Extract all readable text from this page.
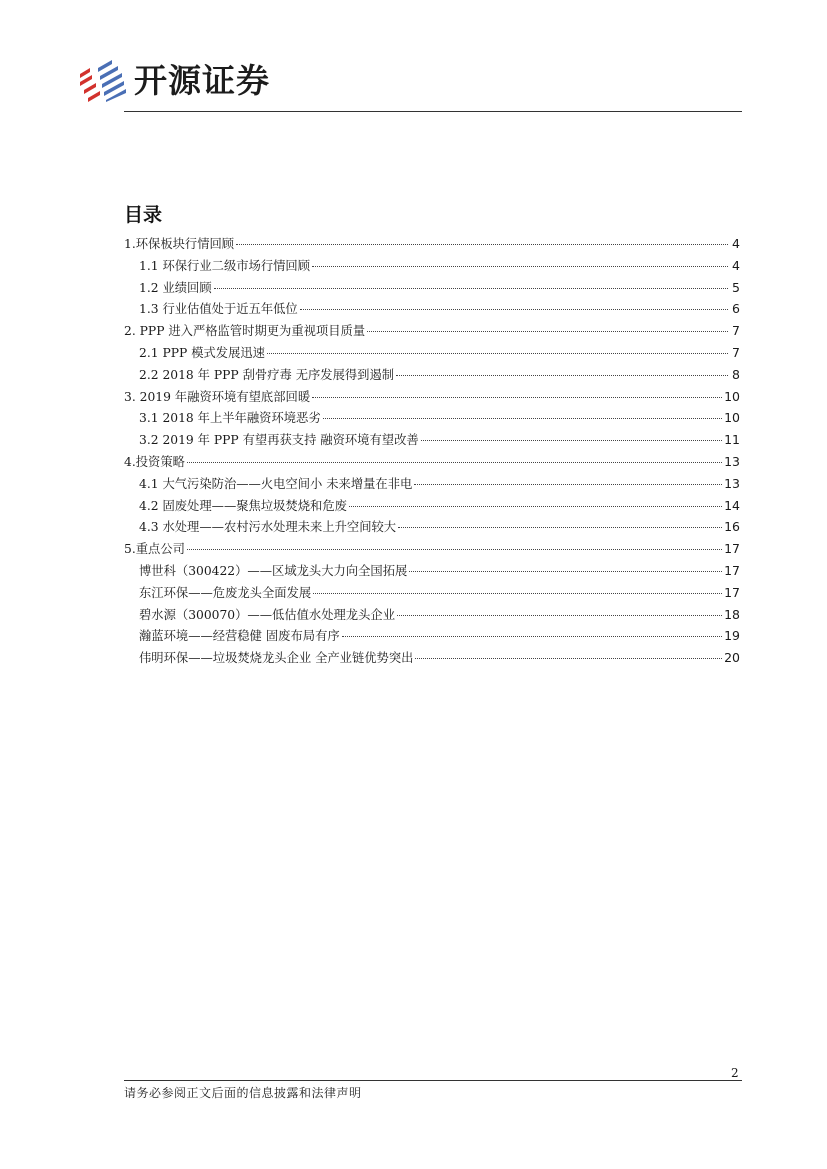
开源证券
目录
1.环保板块行情回顾	4
1.1 环保行业二级市场行情回顾	4
1.2 业绩回顾	5
1.3 行业估值处于近五年低位	6
2. PPP 进入严格监管时期更为重视项目质量	7
2.1 PPP 模式发展迅速	7
2.2 2018 年 PPP 刮骨疗毒 无序发展得到遏制	8
3. 2019 年融资环境有望底部回暖	10
3.1 2018 年上半年融资环境恶劣	10
3.2 2019 年 PPP 有望再获支持 融资环境有望改善	11
4.投资策略	13
4.1 大气污染防治——火电空间小 未来增量在非电	13
4.2 固废处理——聚焦垃圾焚烧和危废	14
4.3 水处理——农村污水处理未来上升空间较大	16
5.重点公司	17
博世科（300422）——区域龙头大力向全国拓展	17
东江环保——危废龙头全面发展	17
碧水源（300070）——低估值水处理龙头企业	18
瀚蓝环境——经营稳健 固废布局有序	19
伟明环保——垃圾焚烧龙头企业 全产业链优势突出	20
2
请务必参阅正文后面的信息披露和法律声明
